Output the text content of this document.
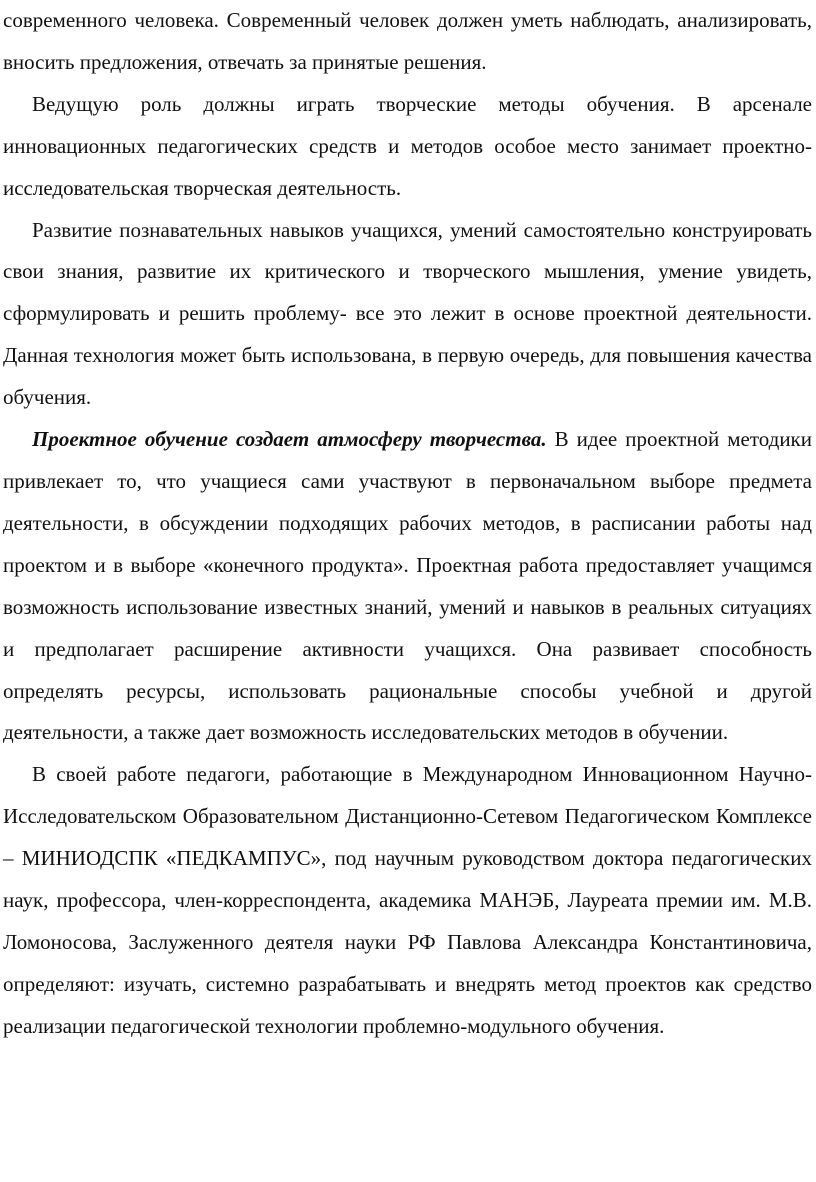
современного человека. Современный человек должен уметь наблюдать, анализировать, вносить предложения, отвечать за принятые решения.

Ведущую роль должны играть творческие методы обучения. В арсенале инновационных педагогических средств и методов особое место занимает проектно-исследовательская творческая деятельность.

Развитие познавательных навыков учащихся, умений самостоятельно конструировать свои знания, развитие их критического и творческого мышления, умение увидеть, сформулировать и решить проблему- все это лежит в основе проектной деятельности. Данная технология может быть использована, в первую очередь, для повышения качества обучения.

Проектное обучение создает атмосферу творчества. В идее проектной методики привлекает то, что учащиеся сами участвуют в первоначальном выборе предмета деятельности, в обсуждении подходящих рабочих методов, в расписании работы над проектом и в выборе «конечного продукта». Проектная работа предоставляет учащимся возможность использование известных знаний, умений и навыков в реальных ситуациях и предполагает расширение активности учащихся. Она развивает способность определять ресурсы, использовать рациональные способы учебной и другой деятельности, а также дает возможность исследовательских методов в обучении.

В своей работе педагоги, работающие в Международном Инновационном Научно-Исследовательском Образовательном Дистанционно-Сетевом Педагогическом Комплексе – МИНИОДСПК «ПЕДКАМПУС», под научным руководством доктора педагогических наук, профессора, член-корреспондента, академика МАНЭБ, Лауреата премии им. М.В. Ломоносова, Заслуженного деятеля науки РФ Павлова Александра Константиновича, определяют: изучать, системно разрабатывать и внедрять метод проектов как средство реализации педагогической технологии проблемно-модульного обучения.
